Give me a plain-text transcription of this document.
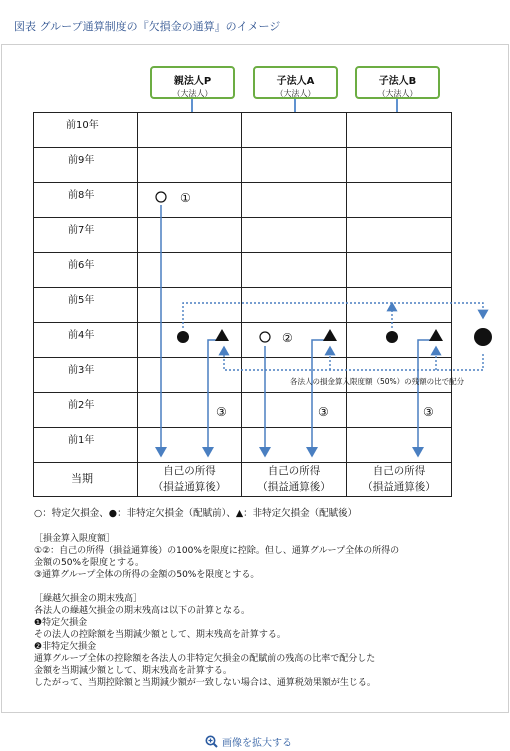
図表 グループ通算制度の『欠損金の通算』のイメージ
親法人P
（大法人）
子法人A
（大法人）
子法人B
（大法人）
①
②
③	③	③
前10年
前9年
前8年
前7年
前6年
前5年
前4年
前3年
前2年
前1年
当期
自己の所得
（損益通算後）
自己の所得
（損益通算後）
自己の所得
（損益通算後）
各法人の損金算入限度額（50%）の残額の比で配分
○：特定欠損金、●：非特定欠損金（配賦前）、▲：非特定欠損金（配賦後）
［損金算入限度額］
①②：自己の所得（損益通算後）の100%を限度に控除。但し、通算グループ全体の所得の
金額の50%を限度とする。
③通算グループ全体の所得の金額の50%を限度とする。
［繰越欠損金の期末残高］
各法人の繰越欠損金の期末残高は以下の計算となる。
❶特定欠損金
その法人の控除額を当期減少額として、期末残高を計算する。
❷非特定欠損金
通算グループ全体の控除額を各法人の非特定欠損金の配賦前の残高の比率で配分した
金額を当期減少額として、期末残高を計算する。
したがって、当期控除額と当期減少額が一致しない場合は、通算税効果額が生じる。
画像を拡大する
